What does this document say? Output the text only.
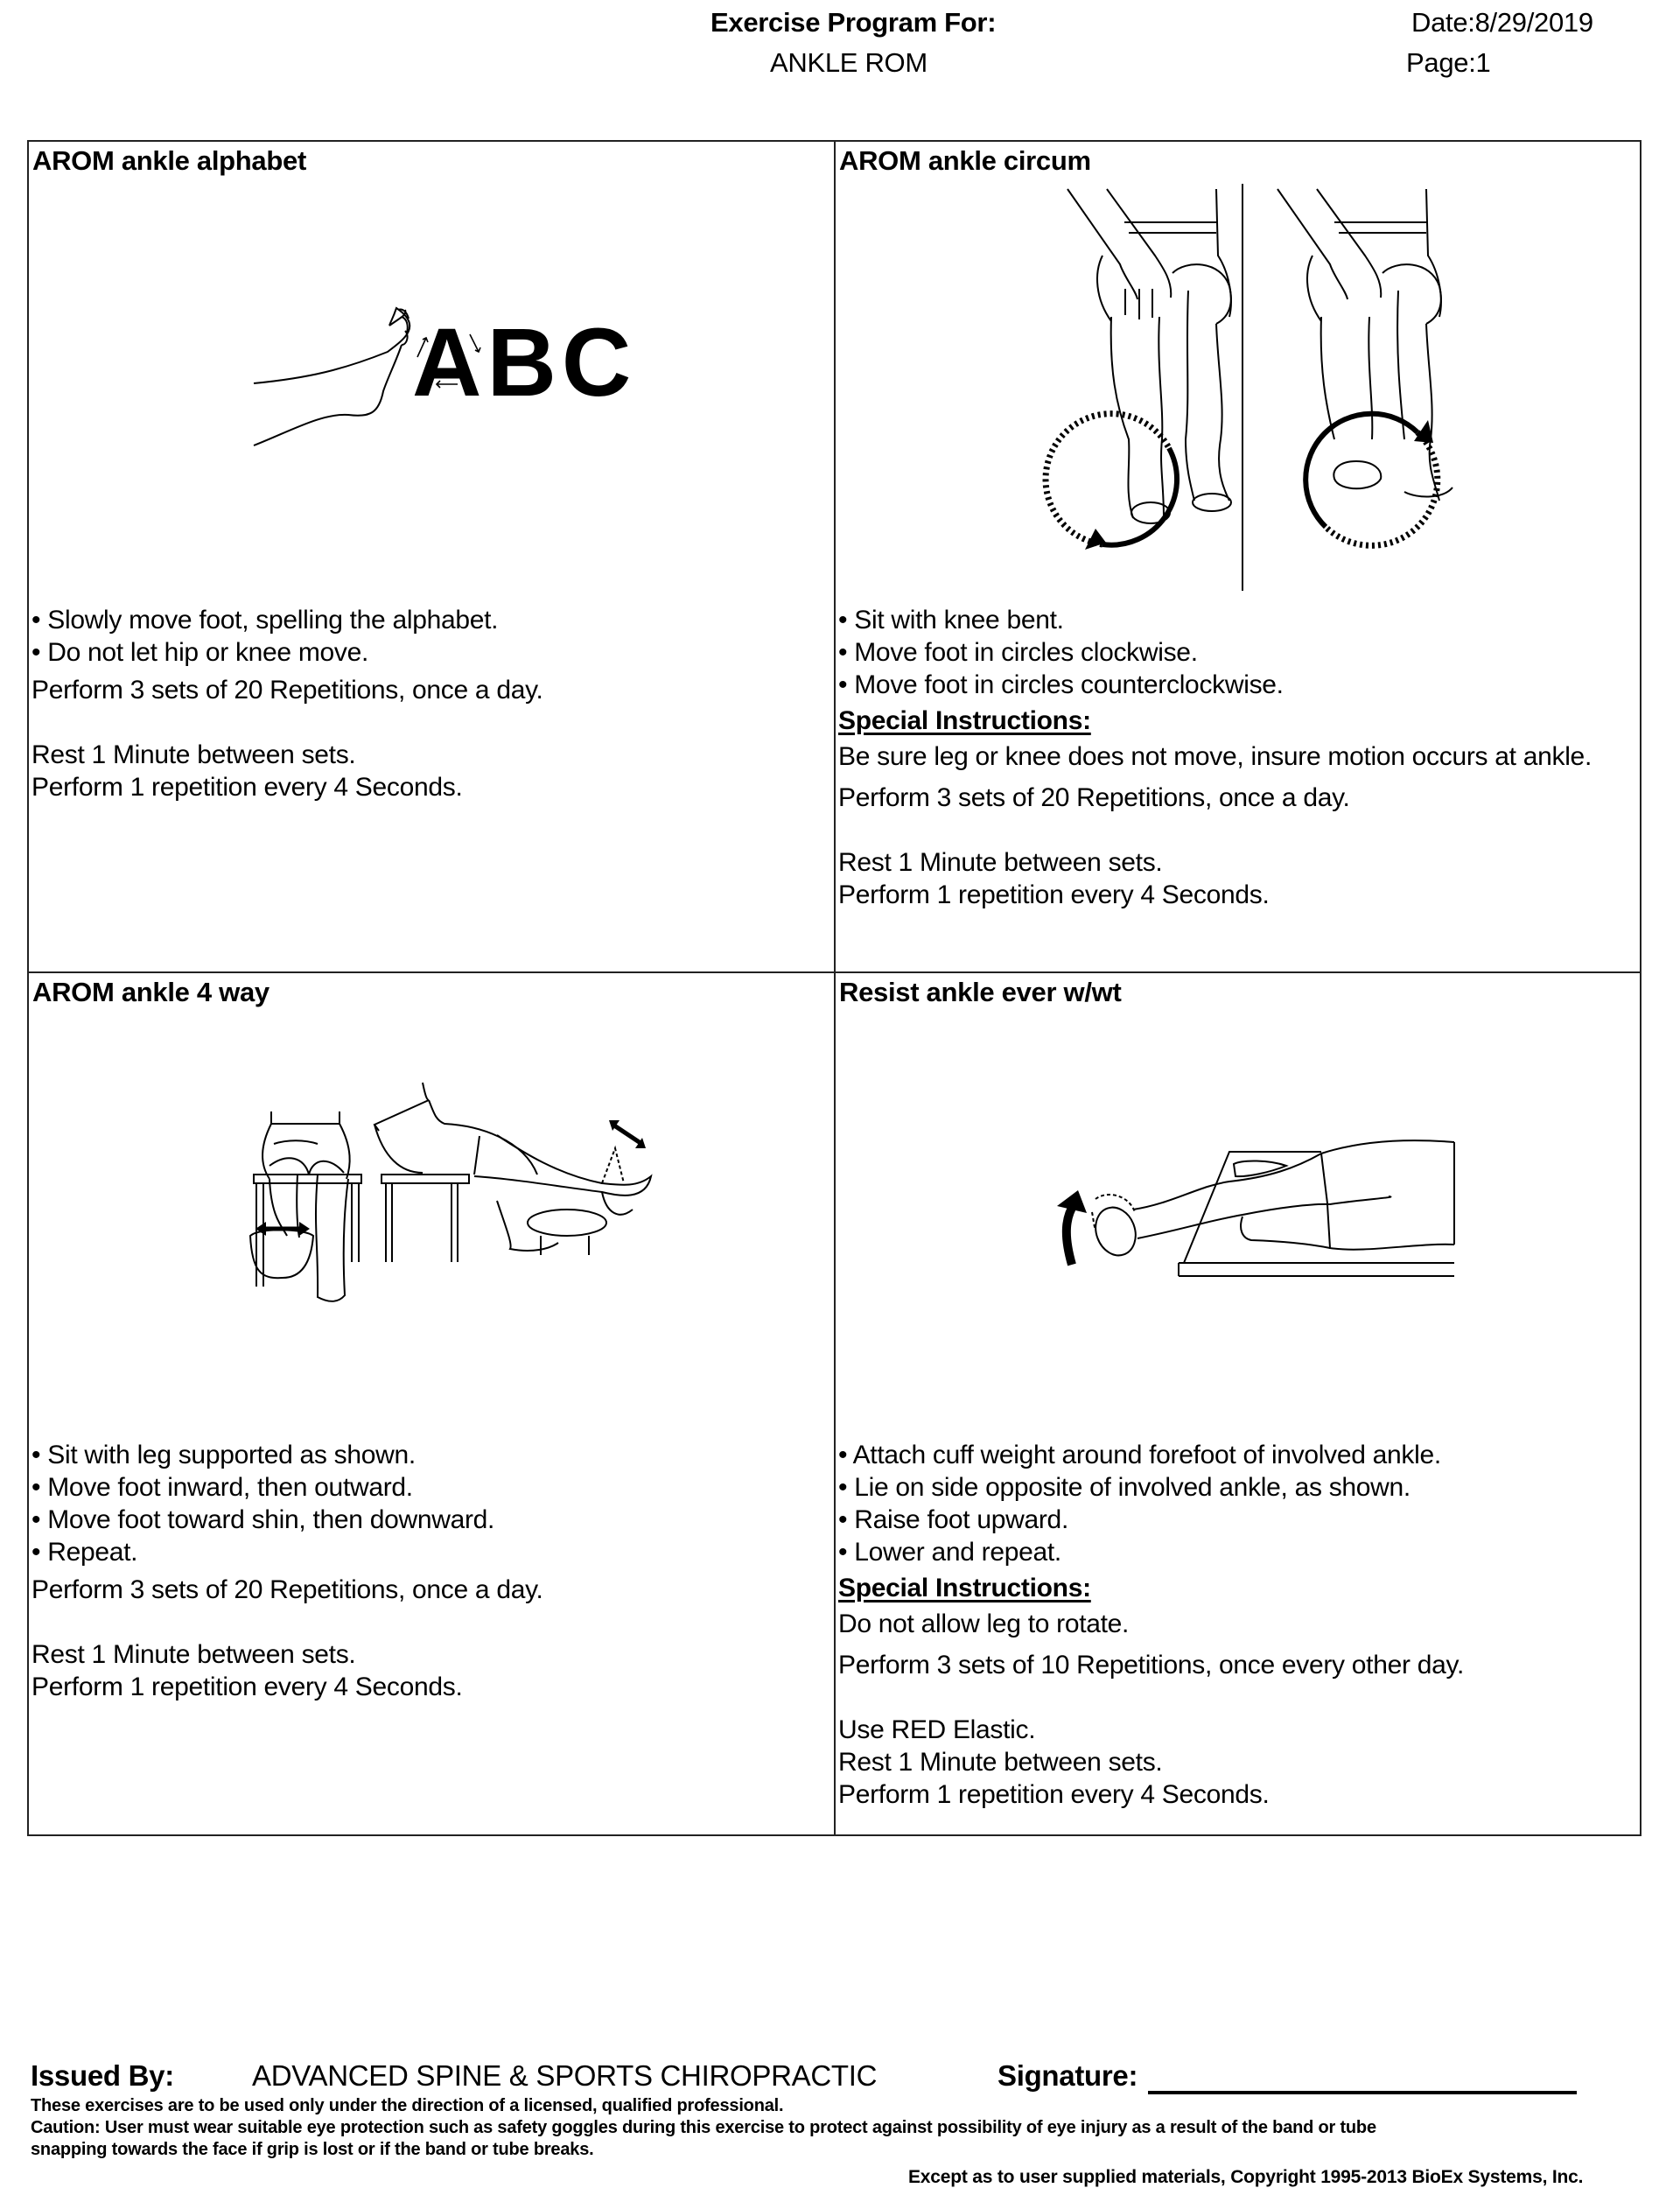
Exercise Program For:
ANKLE ROM
Date:8/29/2019
Page:1
AROM ankle alphabet
ABC
• Slowly move foot, spelling the alphabet.
• Do not let hip or knee move.
Perform 3 sets of 20 Repetitions, once a day.
Rest 1 Minute between sets.
Perform 1 repetition every 4 Seconds.
AROM ankle circum
• Sit with knee bent.
• Move foot in circles clockwise.
• Move foot in circles counterclockwise.
Special Instructions:
Be sure leg or knee does not move, insure motion occurs at ankle.
Perform 3 sets of 20 Repetitions, once a day.
Rest 1 Minute between sets.
Perform 1 repetition every 4 Seconds.
AROM ankle 4 way
• Sit with leg supported as shown.
• Move foot inward, then outward.
• Move foot toward shin, then downward.
• Repeat.
Perform 3 sets of 20 Repetitions, once a day.
Rest 1 Minute between sets.
Perform 1 repetition every 4 Seconds.
Resist ankle ever w/wt
• Attach cuff weight around forefoot of involved ankle.
• Lie on side opposite of involved ankle, as shown.
• Raise foot upward.
• Lower and repeat.
Special Instructions:
Do not allow leg to rotate.
Perform 3 sets of 10 Repetitions, once every other day.
Use RED Elastic.
Rest 1 Minute between sets.
Perform 1 repetition every 4 Seconds.
Issued By:	ADVANCED SPINE & SPORTS CHIROPRACTIC	Signature:
These exercises are to be used only under the direction of a licensed, qualified professional.
Caution: User must wear suitable eye protection such as safety goggles during this exercise to protect against possibility of eye injury as a result of the band or tube
snapping towards the face if grip is lost or if the band or tube breaks.
Except as to user supplied materials, Copyright 1995-2013 BioEx Systems, Inc.
